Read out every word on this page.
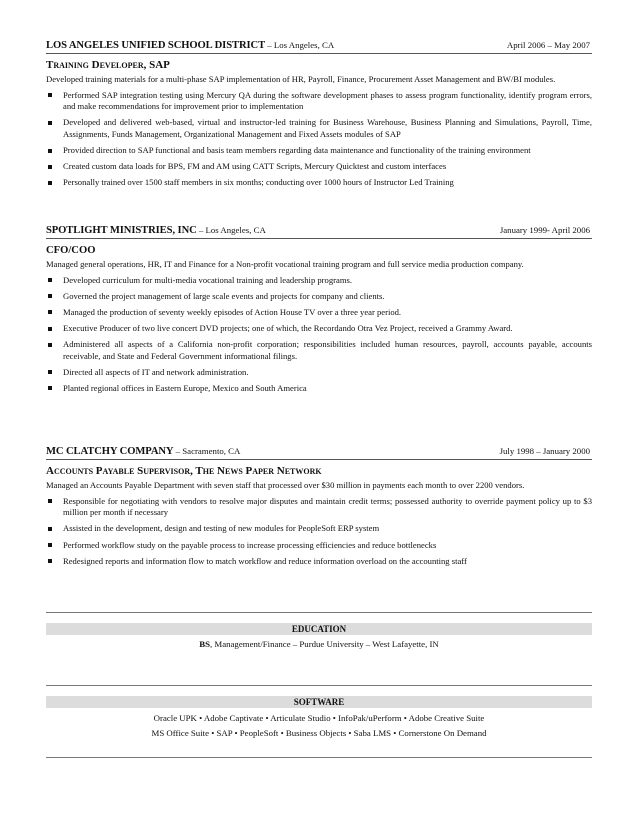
LOS ANGELES UNIFIED SCHOOL DISTRICT – Los Angeles, CA	April 2006 – May 2007
Training Developer, SAP
Developed training materials for a multi-phase SAP implementation of HR, Payroll, Finance, Procurement Asset Management and BW/BI modules.
Performed SAP integration testing using Mercury QA during the software development phases to assess program functionality, identify program errors, and make recommendations for improvement prior to implementation
Developed and delivered web-based, virtual and instructor-led training for Business Warehouse, Business Planning and Simulations, Payroll, Time, Assignments, Funds Management, Organizational Management and Fixed Assets modules of SAP
Provided direction to SAP functional and basis team members regarding data maintenance and functionality of the training environment
Created custom data loads for BPS, FM and AM using CATT Scripts, Mercury Quicktest and custom interfaces
Personally trained over 1500 staff members in six months; conducting over 1000 hours of Instructor Led Training
SPOTLIGHT MINISTRIES, INC – Los Angeles, CA	January 1999- April 2006
CFO/COO
Managed general operations, HR, IT and Finance for a Non-profit vocational training program and full service media production company.
Developed curriculum for multi-media vocational training and leadership programs.
Governed the project management of large scale events and projects for company and clients.
Managed the production of seventy weekly episodes of Action House TV over a three year period.
Executive Producer of two live concert DVD projects; one of which, the Recordando Otra Vez Project, received a Grammy Award.
Administered all aspects of a California non-profit corporation; responsibilities included human resources, payroll, accounts payable, accounts receivable, and State and Federal Government informational filings.
Directed all aspects of IT and network administration.
Planted regional offices in Eastern Europe, Mexico and South America
MC CLATCHY COMPANY – Sacramento, CA	July 1998 – January 2000
Accounts Payable Supervisor, The News Paper Network
Managed an Accounts Payable Department with seven staff that processed over $30 million in payments each month to over 2200 vendors.
Responsible for negotiating with vendors to resolve major disputes and maintain credit terms; possessed authority to override payment policy up to $3 million per month if necessary
Assisted in the development, design and testing of new modules for PeopleSoft ERP system
Performed workflow study on the payable process to increase processing efficiencies and reduce bottlenecks
Redesigned reports and information flow to match workflow and reduce information overload on the accounting staff
EDUCATION
BS, Management/Finance – Purdue University – West Lafayette, IN
SOFTWARE
Oracle UPK • Adobe Captivate • Articulate Studio • InfoPak/uPerform • Adobe Creative Suite
MS Office Suite • SAP • PeopleSoft • Business Objects • Saba LMS • Cornerstone On Demand
